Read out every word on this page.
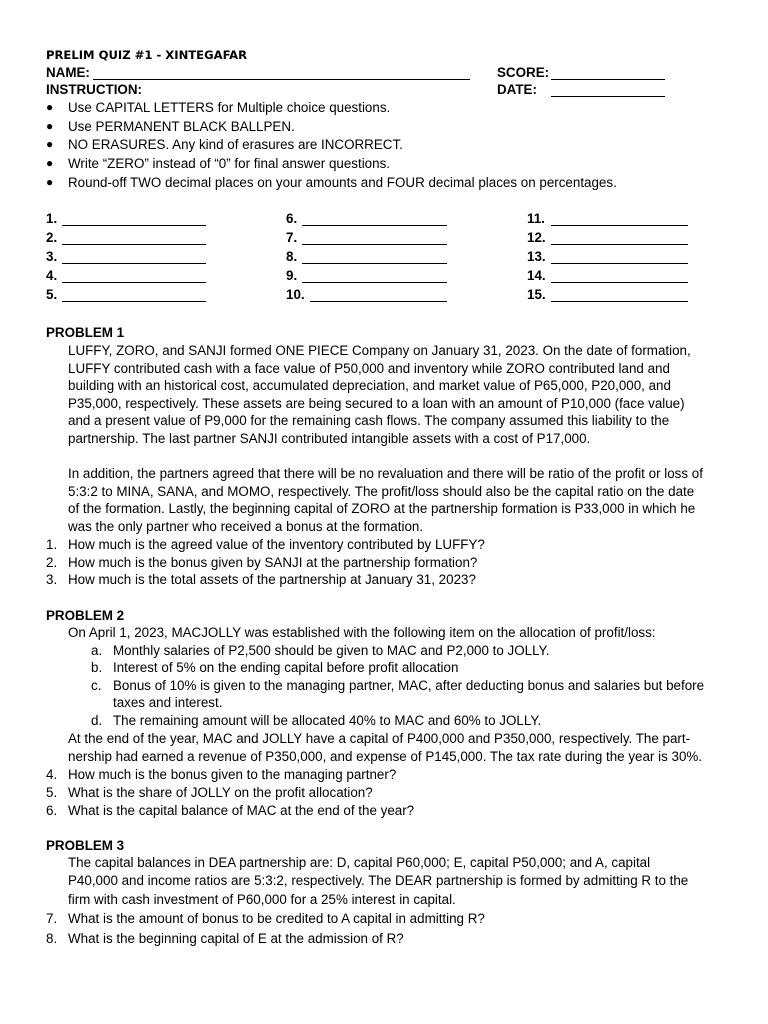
PRELIM QUIZ #1 - XINTEGAFAR
NAME:	SCORE:
INSTRUCTION:	DATE:
● Use CAPITAL LETTERS for Multiple choice questions.
● Use PERMANENT BLACK BALLPEN.
● NO ERASURES. Any kind of erasures are INCORRECT.
● Write “ZERO” instead of “0” for final answer questions.
● Round-off TWO decimal places on your amounts and FOUR decimal places on percentages.
1.
2.
3.
4.
5.
6.
7.
8.
9.
10.
11.
12.
13.
14.
15.
PROBLEM 1
LUFFY, ZORO, and SANJI formed ONE PIECE Company on January 31, 2023. On the date of formation,
LUFFY contributed cash with a face value of P50,000 and inventory while ZORO contributed land and
building with an historical cost, accumulated depreciation, and market value of P65,000, P20,000, and
P35,000, respectively. These assets are being secured to a loan with an amount of P10,000 (face value)
and a present value of P9,000 for the remaining cash flows. The company assumed this liability to the
partnership. The last partner SANJI contributed intangible assets with a cost of P17,000.
In addition, the partners agreed that there will be no revaluation and there will be ratio of the profit or loss of
5:3:2 to MINA, SANA, and MOMO, respectively. The profit/loss should also be the capital ratio on the date
of the formation. Lastly, the beginning capital of ZORO at the partnership formation is P33,000 in which he
was the only partner who received a bonus at the formation.
1. How much is the agreed value of the inventory contributed by LUFFY?
2. How much is the bonus given by SANJI at the partnership formation?
3. How much is the total assets of the partnership at January 31, 2023?
PROBLEM 2
On April 1, 2023, MACJOLLY was established with the following item on the allocation of profit/loss:
a. Monthly salaries of P2,500 should be given to MAC and P2,000 to JOLLY.
b. Interest of 5% on the ending capital before profit allocation
c. Bonus of 10% is given to the managing partner, MAC, after deducting bonus and salaries but before
taxes and interest.
d. The remaining amount will be allocated 40% to MAC and 60% to JOLLY.
At the end of the year, MAC and JOLLY have a capital of P400,000 and P350,000, respectively. The part-
nership had earned a revenue of P350,000, and expense of P145,000. The tax rate during the year is 30%.
4. How much is the bonus given to the managing partner?
5. What is the share of JOLLY on the profit allocation?
6. What is the capital balance of MAC at the end of the year?
PROBLEM 3
The capital balances in DEA partnership are: D, capital P60,000; E, capital P50,000; and A, capital
P40,000 and income ratios are 5:3:2, respectively. The DEAR partnership is formed by admitting R to the
firm with cash investment of P60,000 for a 25% interest in capital.
7. What is the amount of bonus to be credited to A capital in admitting R?
8. What is the beginning capital of E at the admission of R?
